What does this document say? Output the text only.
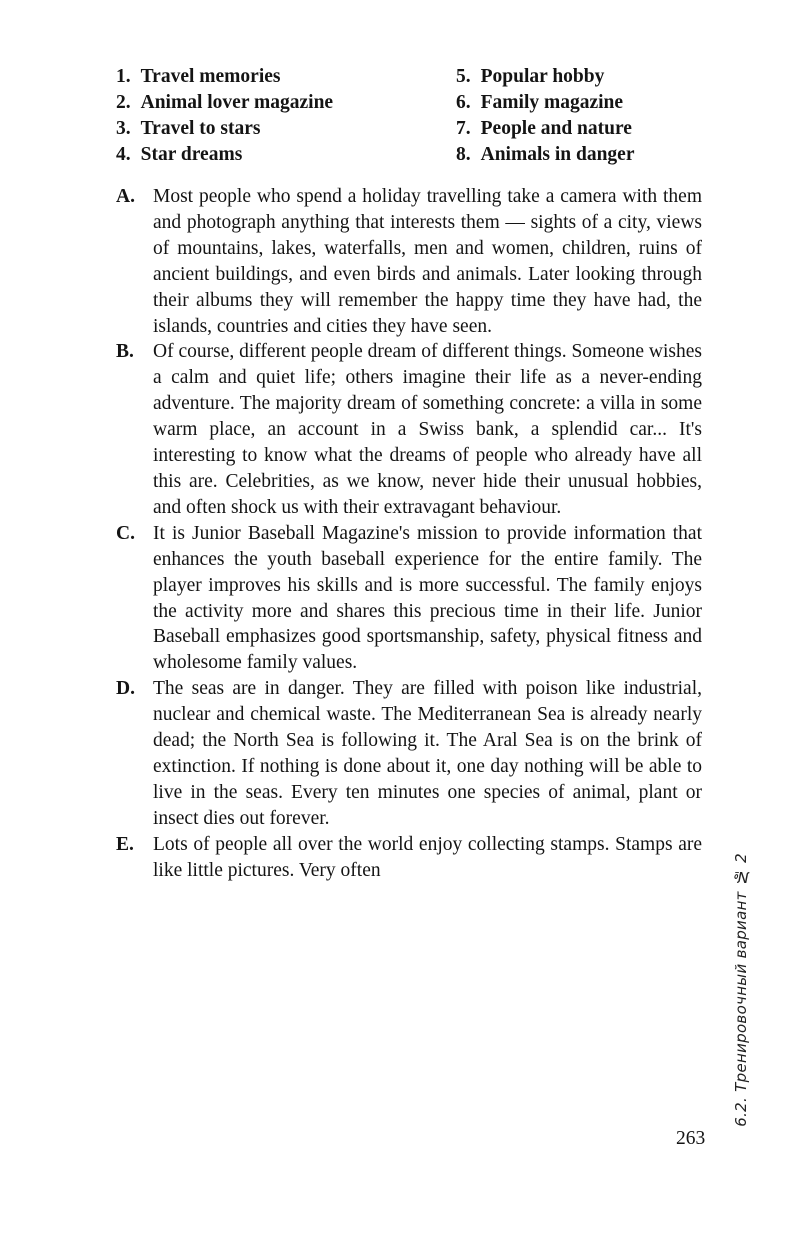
1. Travel memories
2. Animal lover magazine
3. Travel to stars
4. Star dreams
5. Popular hobby
6. Family magazine
7. People and nature
8. Animals in danger
A. Most people who spend a holiday travelling take a camera with them and photograph anything that interests them — sights of a city, views of mountains, lakes, waterfalls, men and women, children, ruins of ancient buildings, and even birds and animals. Later looking through their albums they will remember the happy time they have had, the islands, countries and cities they have seen.
B. Of course, different people dream of different things. Someone wishes a calm and quiet life; others imagine their life as a never-ending adventure. The majority dream of something concrete: a villa in some warm place, an account in a Swiss bank, a splendid car... It's interesting to know what the dreams of people who already have all this are. Celebrities, as we know, never hide their unusual hobbies, and often shock us with their extravagant behaviour.
C. It is Junior Baseball Magazine's mission to provide information that enhances the youth baseball experience for the entire family. The player improves his skills and is more successful. The family enjoys the activity more and shares this precious time in their life. Junior Baseball emphasizes good sportsmanship, safety, physical fitness and wholesome family values.
D. The seas are in danger. They are filled with poison like industrial, nuclear and chemical waste. The Mediterranean Sea is already nearly dead; the North Sea is following it. The Aral Sea is on the brink of extinction. If nothing is done about it, one day nothing will be able to live in the seas. Every ten minutes one species of animal, plant or insect dies out forever.
E. Lots of people all over the world enjoy collecting stamps. Stamps are like little pictures. Very often	6.2. Тренировочный вариант № 2
263
